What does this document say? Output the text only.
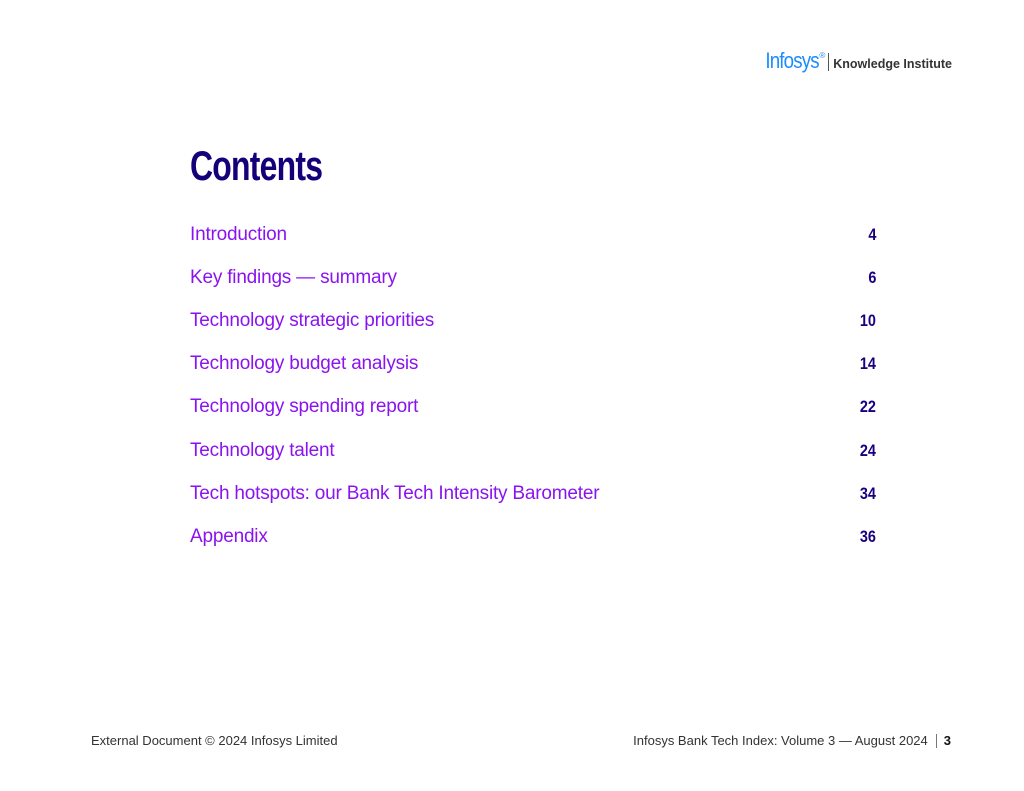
Infosys ®
Knowledge Institute
Contents
Introduction	4
Key findings — summary	6
Technology strategic priorities	10
Technology budget analysis	14
Technology spending report	22
Technology talent	24
Tech hotspots: our Bank Tech Intensity Barometer	34
Appendix	36
External Document © 2024 Infosys Limited	Infosys Bank Tech Index: Volume 3 — August 2024 3
